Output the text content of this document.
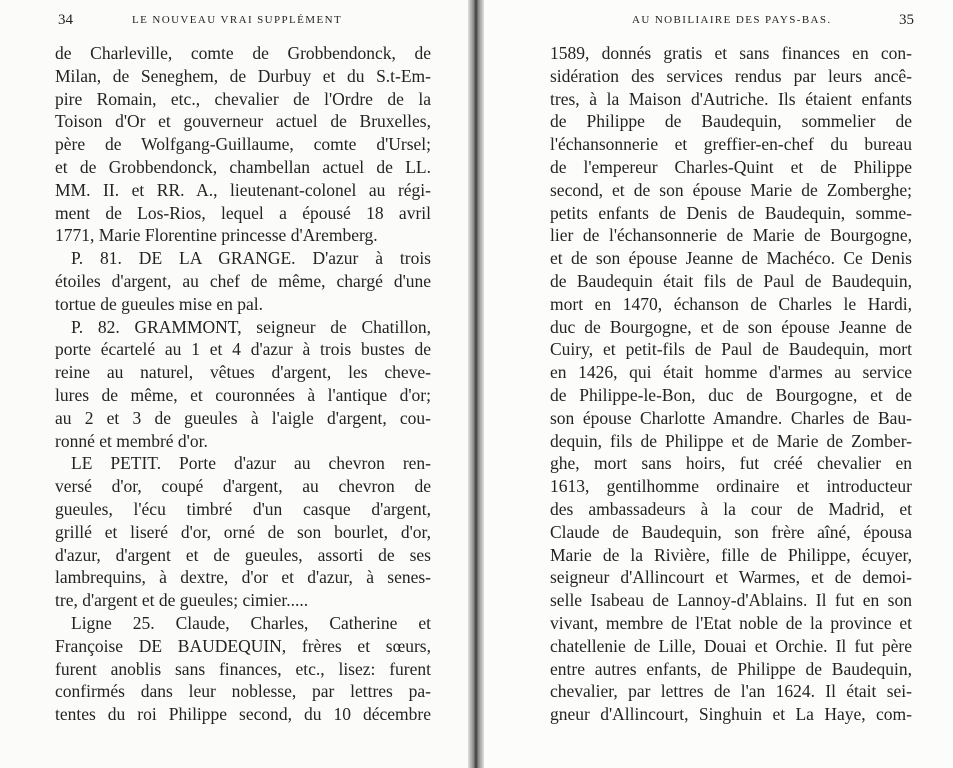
34	LE NOUVEAU VRAI SUPPLÉMENT
de Charleville, comte de Grobbendonck, de
Milan, de Seneghem, de Durbuy et du S.t-Em-
pire Romain, etc., chevalier de l'Ordre de la
Toison d'Or et gouverneur actuel de Bruxelles,
père de Wolfgang-Guillaume, comte d'Ursel;
et de Grobbendonck, chambellan actuel de LL.
MM. II. et RR. A., lieutenant-colonel au régi-
ment de Los-Rios, lequel a épousé 18 avril
1771, Marie Florentine princesse d'Aremberg.
P. 81. DE LA GRANGE. D'azur à trois
étoiles d'argent, au chef de même, chargé d'une
tortue de gueules mise en pal.
P. 82. GRAMMONT, seigneur de Chatillon,
porte écartelé au 1 et 4 d'azur à trois bustes de
reine au naturel, vêtues d'argent, les cheve-
lures de même, et couronnées à l'antique d'or;
au 2 et 3 de gueules à l'aigle d'argent, cou-
ronné et membré d'or.
LE PETIT. Porte d'azur au chevron ren-
versé d'or, coupé d'argent, au chevron de
gueules, l'écu timbré d'un casque d'argent,
grillé et liseré d'or, orné de son bourlet, d'or,
d'azur, d'argent et de gueules, assorti de ses
lambrequins, à dextre, d'or et d'azur, à senes-
tre, d'argent et de gueules; cimier.....
Ligne 25. Claude, Charles, Catherine et
Françoise DE BAUDEQUIN, frères et sœurs,
furent anoblis sans finances, etc., lisez: furent
confirmés dans leur noblesse, par lettres pa-
tentes du roi Philippe second, du 10 décembre
AU NOBILIAIRE DES PAYS-BAS.	35
1589, donnés gratis et sans finances en con-
sidération des services rendus par leurs ancê-
tres, à la Maison d'Autriche. Ils étaient enfants
de Philippe de Baudequin, sommelier de
l'échansonnerie et greffier-en-chef du bureau
de l'empereur Charles-Quint et de Philippe
second, et de son épouse Marie de Zomberghe;
petits enfants de Denis de Baudequin, somme-
lier de l'échansonnerie de Marie de Bourgogne,
et de son épouse Jeanne de Machéco. Ce Denis
de Baudequin était fils de Paul de Baudequin,
mort en 1470, échanson de Charles le Hardi,
duc de Bourgogne, et de son épouse Jeanne de
Cuiry, et petit-fils de Paul de Baudequin, mort
en 1426, qui était homme d'armes au service
de Philippe-le-Bon, duc de Bourgogne, et de
son épouse Charlotte Amandre. Charles de Bau-
dequin, fils de Philippe et de Marie de Zomber-
ghe, mort sans hoirs, fut créé chevalier en
1613, gentilhomme ordinaire et introducteur
des ambassadeurs à la cour de Madrid, et
Claude de Baudequin, son frère aîné, épousa
Marie de la Rivière, fille de Philippe, écuyer,
seigneur d'Allincourt et Warmes, et de demoi-
selle Isabeau de Lannoy-d'Ablains. Il fut en son
vivant, membre de l'Etat noble de la province et
chatellenie de Lille, Douai et Orchie. Il fut père
entre autres enfants, de Philippe de Baudequin,
chevalier, par lettres de l'an 1624. Il était sei-
gneur d'Allincourt, Singhuin et La Haye, com-
